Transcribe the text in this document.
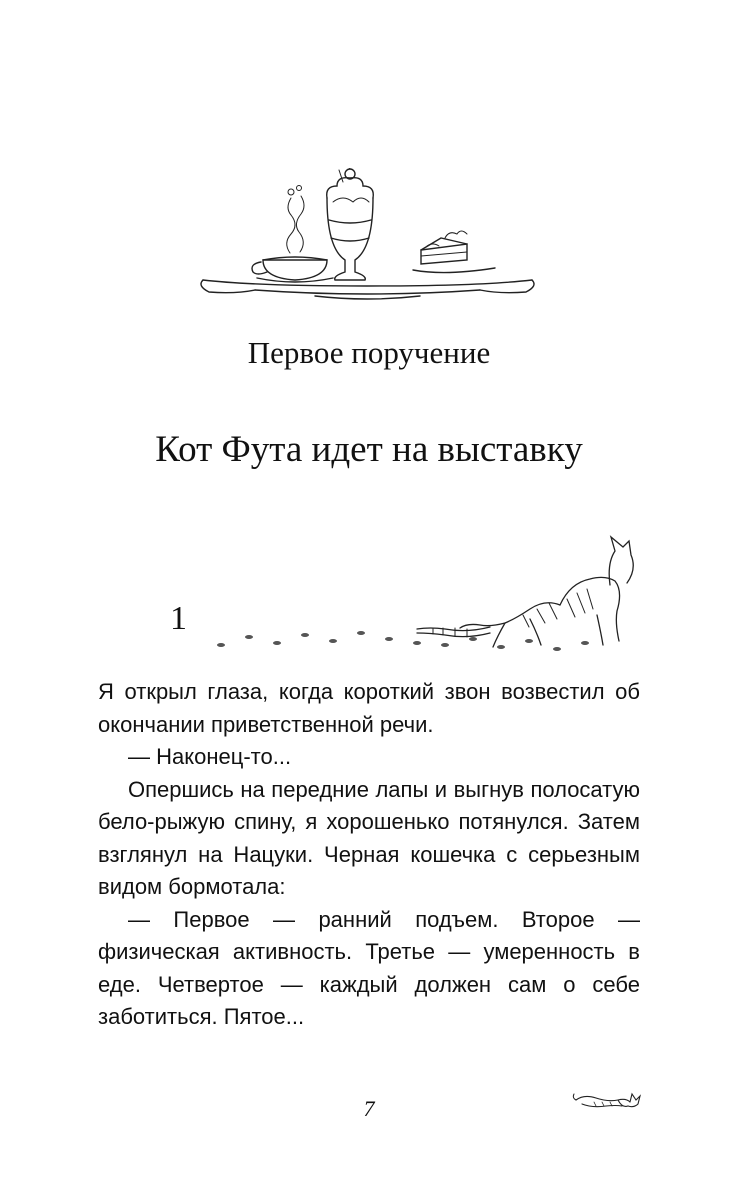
Первое поручение
Кот Фута идет на выставку
1

Я открыл глаза, когда короткий звон возвестил об окончании приветственной речи.

— Наконец-то...

Опершись на передние лапы и выгнув полосатую бело-рыжую спину, я хорошенько потянулся. Затем взглянул на Нацуки. Черная кошечка с серьезным видом бормотала:

— Первое — ранний подъем. Второе — физическая активность. Третье — умеренность в еде. Четвертое — каждый должен сам о себе заботиться. Пятое...

7
